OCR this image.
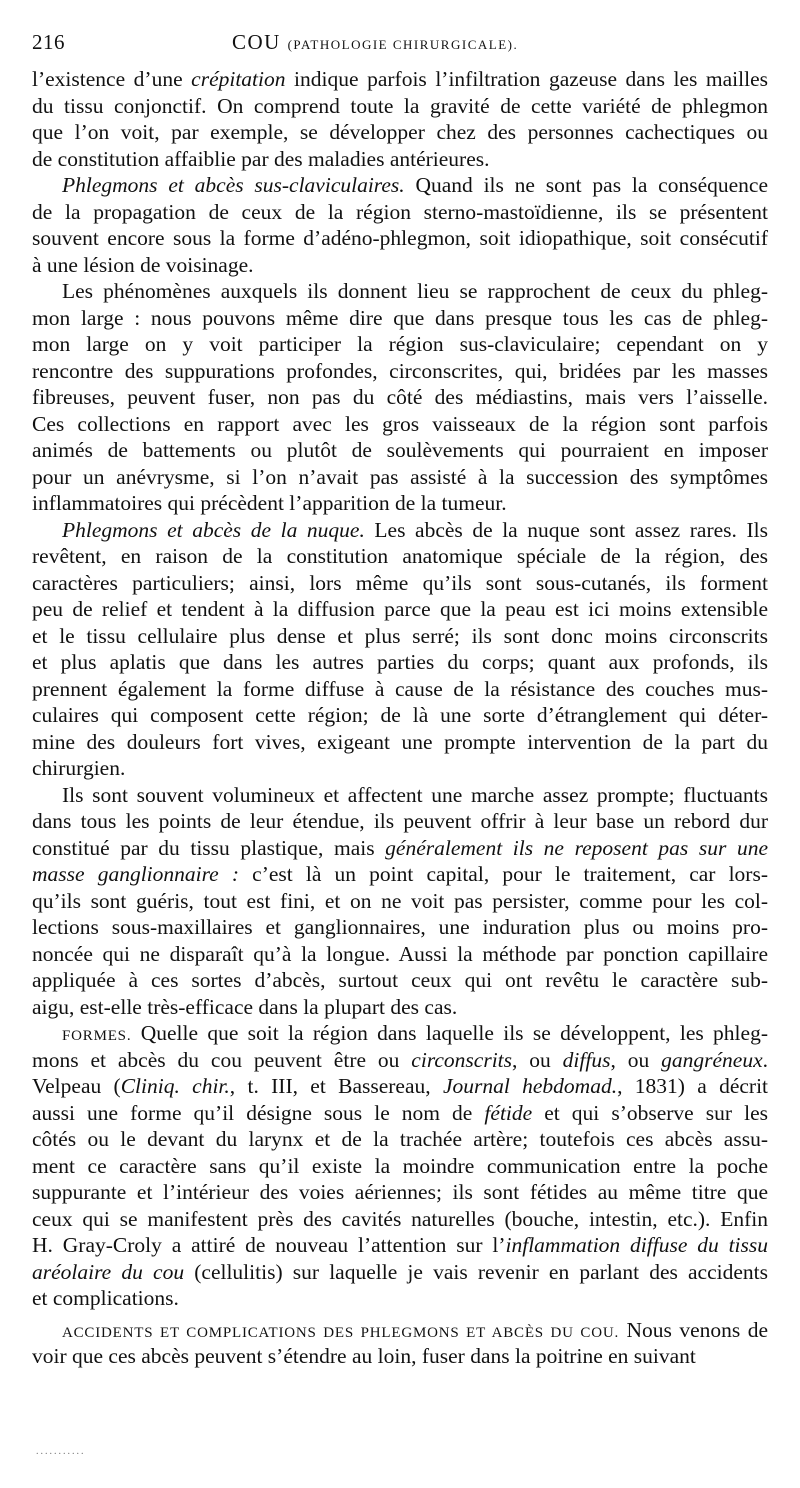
216	COU (PATHOLOGIE CHIRURGICALE).
l’existence d’une crépitation indique parfois l’infiltration gazeuse dans les mailles
du tissu conjonctif. On comprend toute la gravité de cette variété de phlegmon
que l’on voit, par exemple, se développer chez des personnes cachectiques ou
de constitution affaiblie par des maladies antérieures.
Phlegmons et abcès sus-claviculaires. Quand ils ne sont pas la conséquence
de la propagation de ceux de la région sterno-mastoïdienne, ils se présentent
souvent encore sous la forme d’adéno-phlegmon, soit idiopathique, soit consécutif
à une lésion de voisinage.
Les phénomènes auxquels ils donnent lieu se rapprochent de ceux du phleg-
mon large : nous pouvons même dire que dans presque tous les cas de phleg-
mon large on y voit participer la région sus-claviculaire; cependant on y
rencontre des suppurations profondes, circonscrites, qui, bridées par les masses
fibreuses, peuvent fuser, non pas du côté des médiastins, mais vers l’aisselle.
Ces collections en rapport avec les gros vaisseaux de la région sont parfois
animés de battements ou plutôt de soulèvements qui pourraient en imposer
pour un anévrysme, si l’on n’avait pas assisté à la succession des symptômes
inflammatoires qui précèdent l’apparition de la tumeur.
Phlegmons et abcès de la nuque. Les abcès de la nuque sont assez rares. Ils
revêtent, en raison de la constitution anatomique spéciale de la région, des
caractères particuliers; ainsi, lors même qu’ils sont sous-cutanés, ils forment
peu de relief et tendent à la diffusion parce que la peau est ici moins extensible
et le tissu cellulaire plus dense et plus serré; ils sont donc moins circonscrits
et plus aplatis que dans les autres parties du corps; quant aux profonds, ils
prennent également la forme diffuse à cause de la résistance des couches mus-
culaires qui composent cette région; de là une sorte d’étranglement qui déter-
mine des douleurs fort vives, exigeant une prompte intervention de la part du
chirurgien.
Ils sont souvent volumineux et affectent une marche assez prompte; fluctuants
dans tous les points de leur étendue, ils peuvent offrir à leur base un rebord dur
constitué par du tissu plastique, mais généralement ils ne reposent pas sur une
masse ganglionnaire : c’est là un point capital, pour le traitement, car lors-
qu’ils sont guéris, tout est fini, et on ne voit pas persister, comme pour les col-
lections sous-maxillaires et ganglionnaires, une induration plus ou moins pro-
noncée qui ne disparaît qu’à la longue. Aussi la méthode par ponction capillaire
appliquée à ces sortes d’abcès, surtout ceux qui ont revêtu le caractère sub-
aigu, est-elle très-efficace dans la plupart des cas.
FORMES. Quelle que soit la région dans laquelle ils se développent, les phleg-
mons et abcès du cou peuvent être ou circonscrits, ou diffus, ou gangréneux.
Velpeau (Cliniq. chir., t. III, et Bassereau, Journal hebdomad., 1831) a décrit
aussi une forme qu’il désigne sous le nom de fétide et qui s’observe sur les
côtés ou le devant du larynx et de la trachée artère; toutefois ces abcès assu-
ment ce caractère sans qu’il existe la moindre communication entre la poche
suppurante et l’intérieur des voies aériennes; ils sont fétides au même titre que
ceux qui se manifestent près des cavités naturelles (bouche, intestin, etc.). Enfin
H. Gray-Croly a attiré de nouveau l’attention sur l’inflammation diffuse du tissu
aréolaire du cou (cellulitis) sur laquelle je vais revenir en parlant des accidents
et complications.
ACCIDENTS ET COMPLICATIONS DES PHLEGMONS ET ABCÈS DU COU. Nous venons de
voir que ces abcès peuvent s’étendre au loin, fuser dans la poitrine en suivant
...........
